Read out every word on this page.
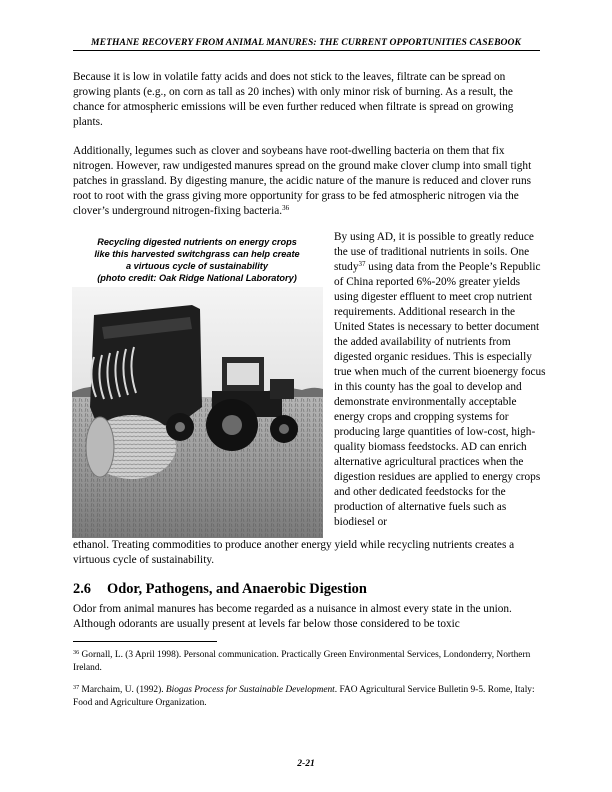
METHANE RECOVERY FROM ANIMAL MANURES: THE CURRENT OPPORTUNITIES CASEBOOK

Because it is low in volatile fatty acids and does not stick to the leaves, filtrate can be spread on growing plants (e.g., on corn as tall as 20 inches) with only minor risk of burning. As a result, the chance for atmospheric emissions will be even further reduced when filtrate is spread on growing plants.

Additionally, legumes such as clover and soybeans have root-dwelling bacteria on them that fix nitrogen. However, raw undigested manures spread on the ground make clover clump into small tight patches in grassland. By digesting manure, the acidic nature of the manure is reduced and clover runs root to root with the grass giving more opportunity for grass to be fed atmospheric nitrogen via the clover’s underground nitrogen-fixing bacteria.$^{36}$

Recycling digested nutrients on energy crops
like this harvested switchgrass can help create
a virtuous cycle of sustainability
(photo credit: Oak Ridge National Laboratory)

By using AD, it is possible to greatly reduce the use of traditional nutrients in soils. One study$^{37}$ using data from the People’s Republic of China reported 6%-20% greater yields using digester effluent to meet crop nutrient requirements. Additional research in the United States is necessary to better document the added availability of nutrients from digested organic residues. This is especially true when much of the current bioenergy focus in this county has the goal to develop and demonstrate environmentally acceptable energy crops and cropping systems for producing large quantities of low-cost, high-quality biomass feedstocks. AD can enrich alternative agricultural practices when the digestion residues are applied to energy crops and other dedicated feedstocks for the production of alternative fuels such as biodiesel or

ethanol. Treating commodities to produce another energy yield while recycling nutrients creates a virtuous cycle of sustainability.

2.6 Odor, Pathogens, and Anaerobic Digestion

Odor from animal manures has become regarded as a nuisance in almost every state in the union. Although odorants are usually present at levels far below those considered to be toxic

$^{36}$ Gornall, L. (3 April 1998). Personal communication. Practically Green Environmental Services, Londonderry, Northern Ireland.

$^{37}$ Marchaim, U. (1992). Biogas Process for Sustainable Development. FAO Agricultural Service Bulletin 9-5. Rome, Italy: Food and Agriculture Organization.

2-21
